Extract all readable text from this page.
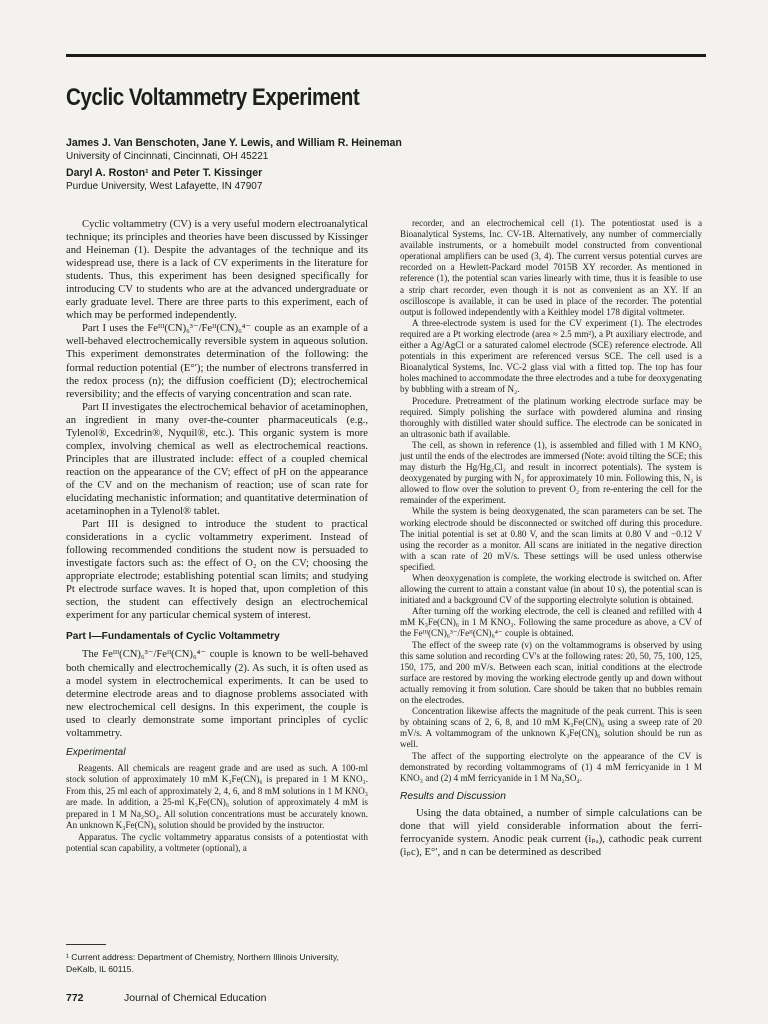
Cyclic Voltammetry Experiment

James J. Van Benschoten, Jane Y. Lewis, and William R. Heineman

University of Cincinnati, Cincinnati, OH 45221

Daryl A. Roston¹ and Peter T. Kissinger

Purdue University, West Lafayette, IN 47907

Cyclic voltammetry (CV) is a very useful modern electroanalytical technique; its principles and theories have been discussed by Kissinger and Heineman (1). Despite the advantages of the technique and its widespread use, there is a lack of CV experiments in the literature for students. Thus, this experiment has been designed specifically for introducing CV to students who are at the advanced undergraduate or early graduate level. There are three parts to this experiment, each of which may be performed independently.

Part I uses the Feᴵᴵᴵ(CN)₆³⁻/Feᴵᴵ(CN)₆⁴⁻ couple as an example of a well-behaved electrochemically reversible system in aqueous solution. This experiment demonstrates determination of the following: the formal reduction potential (E°′); the number of electrons transferred in the redox process (n); the diffusion coefficient (D); electrochemical reversibility; and the effects of varying concentration and scan rate.

Part II investigates the electrochemical behavior of acetaminophen, an ingredient in many over-the-counter pharmaceuticals (e.g., Tylenol®, Excedrin®, Nyquil®, etc.). This organic system is more complex, involving chemical as well as electrochemical reactions. Principles that are illustrated include: effect of a coupled chemical reaction on the appearance of the CV; effect of pH on the appearance of the CV and on the mechanism of reaction; use of scan rate for elucidating mechanistic information; and quantitative determination of acetaminophen in a Tylenol® tablet.

Part III is designed to introduce the student to practical considerations in a cyclic voltammetry experiment. Instead of following recommended conditions the student now is persuaded to investigate factors such as: the effect of O₂ on the CV; choosing the appropriate electrode; establishing potential scan limits; and studying Pt electrode surface waves. It is hoped that, upon completion of this section, the student can effectively design an electrochemical experiment for any particular chemical system of interest.

Part I—Fundamentals of Cyclic Voltammetry

The Feᴵᴵᴵ(CN)₆³⁻/Feᴵᴵ(CN)₆⁴⁻ couple is known to be well-behaved both chemically and electrochemically (2). As such, it is often used as a model system in electrochemical experiments. It can be used to determine electrode areas and to diagnose problems associated with new electrochemical cell designs. In this experiment, the couple is used to clearly demonstrate some important principles of cyclic voltammetry.

Experimental

Reagents. All chemicals are reagent grade and are used as such. A 100-ml stock solution of approximately 10 mM K₃Fe(CN)₆ is prepared in 1 M KNO₃. From this, 25 ml each of approximately 2, 4, 6, and 8 mM solutions in 1 M KNO₃ are made. In addition, a 25-ml K₃Fe(CN)₆ solution of approximately 4 mM is prepared in 1 M Na₂SO₄. All solution concentrations must be accurately known. An unknown K₃Fe(CN)₆ solution should be provided by the instructor.

Apparatus. The cyclic voltammetry apparatus consists of a potentiostat with potential scan capability, a voltmeter (optional), a

recorder, and an electrochemical cell (1). The potentiostat used is a Bioanalytical Systems, Inc. CV-1B. Alternatively, any number of commercially available instruments, or a homebuilt model constructed from conventional operational amplifiers can be used (3, 4). The current versus potential curves are recorded on a Hewlett-Packard model 7015B XY recorder. As mentioned in reference (1), the potential scan varies linearly with time, thus it is feasible to use a strip chart recorder, even though it is not as convenient as an XY. If an oscilloscope is available, it can be used in place of the recorder. The potential output is followed independently with a Keithley model 178 digital voltmeter.

A three-electrode system is used for the CV experiment (1). The electrodes required are a Pt working electrode (area ≈ 2.5 mm²), a Pt auxiliary electrode, and either a Ag/AgCl or a saturated calomel electrode (SCE) reference electrode. All potentials in this experiment are referenced versus SCE. The cell used is a Bioanalytical Systems, Inc. VC-2 glass vial with a fitted top. The top has four holes machined to accommodate the three electrodes and a tube for deoxygenating by bubbling with a stream of N₂.

Procedure. Pretreatment of the platinum working electrode surface may be required. Simply polishing the surface with powdered alumina and rinsing thoroughly with distilled water should suffice. The electrode can be sonicated in an ultrasonic bath if available.

The cell, as shown in reference (1), is assembled and filled with 1 M KNO₃ just until the ends of the electrodes are immersed (Note: avoid tilting the SCE; this may disturb the Hg/Hg₂Cl₂ and result in incorrect potentials). The system is deoxygenated by purging with N₂ for approximately 10 min. Following this, N₂ is allowed to flow over the solution to prevent O₂ from re-entering the cell for the remainder of the experiment.

While the system is being deoxygenated, the scan parameters can be set. The working electrode should be disconnected or switched off during this procedure. The initial potential is set at 0.80 V, and the scan limits at 0.80 V and −0.12 V using the recorder as a monitor. All scans are initiated in the negative direction with a scan rate of 20 mV/s. These settings will be used unless otherwise specified.

When deoxygenation is complete, the working electrode is switched on. After allowing the current to attain a constant value (in about 10 s), the potential scan is initiated and a background CV of the supporting electrolyte solution is obtained.

After turning off the working electrode, the cell is cleaned and refilled with 4 mM K₃Fe(CN)₆ in 1 M KNO₃. Following the same procedure as above, a CV of the Feᴵᴵᴵ(CN)₆³⁻/Feᴵᴵ(CN)₆⁴⁻ couple is obtained.

The effect of the sweep rate (v) on the voltammograms is observed by using this same solution and recording CV's at the following rates: 20, 50, 75, 100, 125, 150, 175, and 200 mV/s. Between each scan, initial conditions at the electrode surface are restored by moving the working electrode gently up and down without actually removing it from solution. Care should be taken that no bubbles remain on the electrodes.

Concentration likewise affects the magnitude of the peak current. This is seen by obtaining scans of 2, 6, 8, and 10 mM K₃Fe(CN)₆ using a sweep rate of 20 mV/s. A voltammogram of the unknown K₃Fe(CN)₆ solution should be run as well.

The affect of the supporting electrolyte on the appearance of the CV is demonstrated by recording voltammograms of (1) 4 mM ferricyanide in 1 M KNO₃ and (2) 4 mM ferricyanide in 1 M Na₂SO₄.

Results and Discussion

Using the data obtained, a number of simple calculations can be done that will yield considerable information about the ferri-ferrocyanide system. Anodic peak current (iₚₐ), cathodic peak current (iₚc), E°′, and n can be determined as described

¹ Current address: Department of Chemistry, Northern Illinois University, DeKalb, IL 60115.

772	Journal of Chemical Education
